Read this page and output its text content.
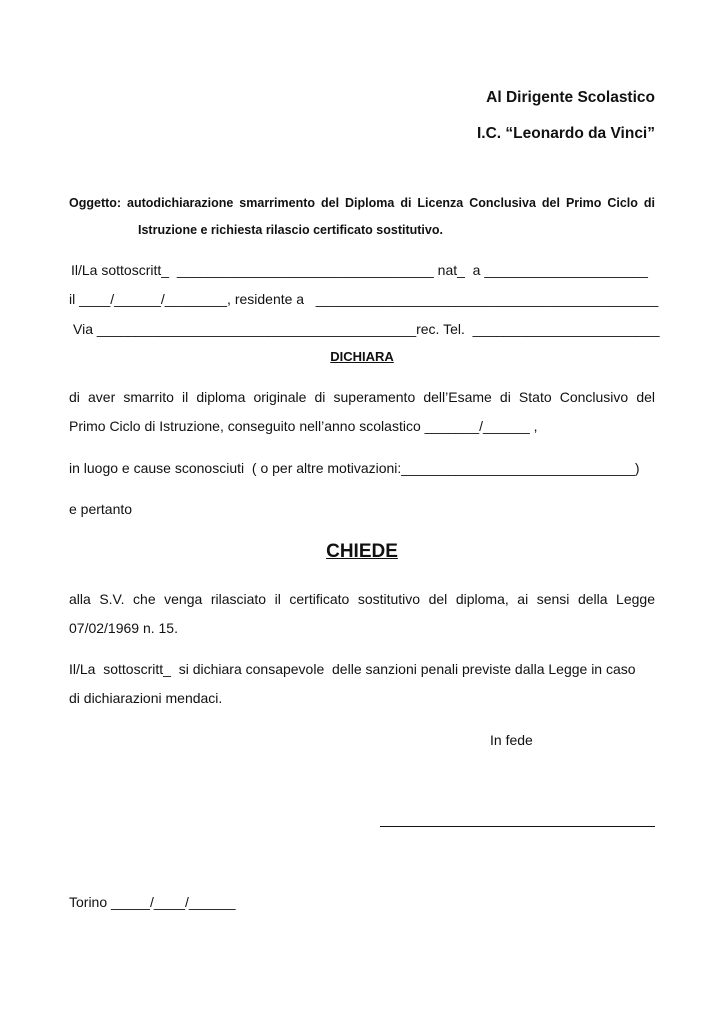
Al Dirigente Scolastico
I.C. “Leonardo da Vinci”
Oggetto: autodichiarazione smarrimento del Diploma di Licenza Conclusiva del Primo Ciclo di
Istruzione e richiesta rilascio certificato sostitutivo.
Il/La sottoscritt_  _________________________________ nat_  a _____________________
il ____/______/________, residente a   ____________________________________________
Via _________________________________________rec. Tel.  ________________________
DICHIARA
di aver smarrito il diploma originale di superamento dell’Esame di Stato Conclusivo del
Primo Ciclo di Istruzione, conseguito nell’anno scolastico _______/______ ,
in luogo e cause sconosciuti  ( o per altre motivazioni:______________________________)
e pertanto
CHIEDE
alla S.V. che venga rilasciato il certificato sostitutivo del diploma, ai sensi della Legge
07/02/1969 n. 15.
Il/La  sottoscritt_  si dichiara consapevole  delle sanzioni penali previste dalla Legge in caso
di dichiarazioni mendaci.
In fede
Torino _____/____/______
